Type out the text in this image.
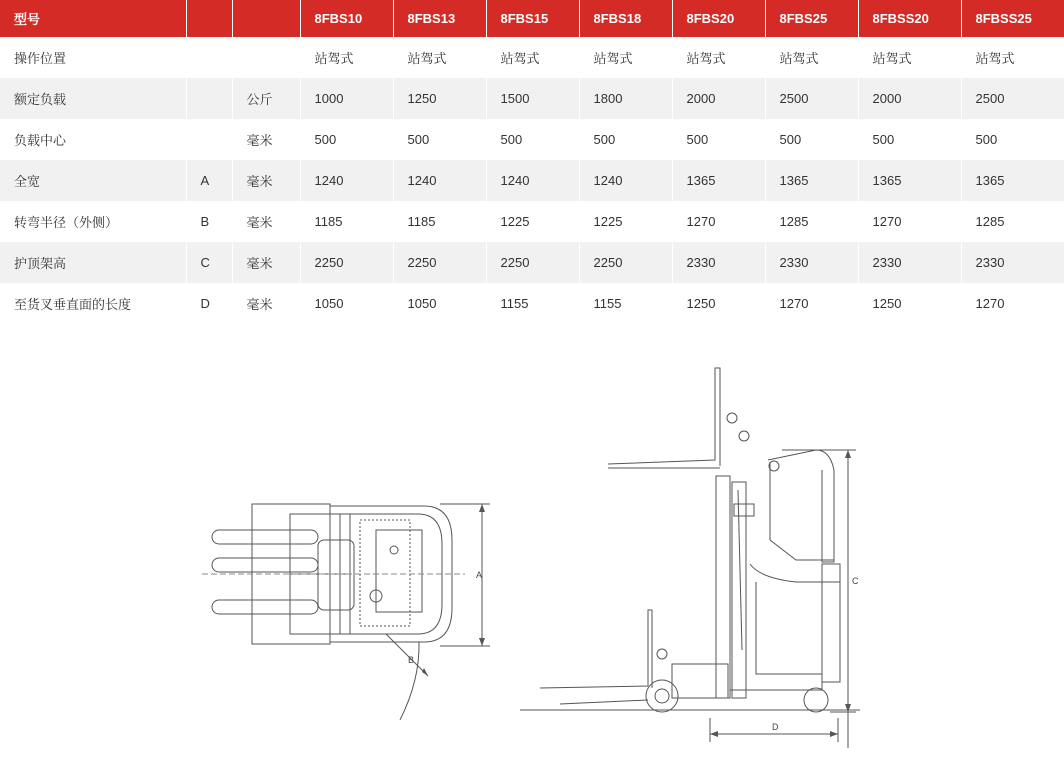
型号			8FBS10	8FBS13	8FBS15	8FBS18	8FBS20	8FBS25	8FBSS20	8FBSS25
操作位置			站驾式	站驾式	站驾式	站驾式	站驾式	站驾式	站驾式	站驾式
额定负载		公斤	1000	1250	1500	1800	2000	2500	2000	2500
负载中心		毫米	500	500	500	500	500	500	500	500
全宽	A	毫米	1240	1240	1240	1240	1365	1365	1365	1365
转弯半径（外侧）	B	毫米	1185	1185	1225	1225	1270	1285	1270	1285
护顶架高	C	毫米	2250	2250	2250	2250	2330	2330	2330	2330
至货叉垂直面的长度	D	毫米	1050	1050	1155	1155	1250	1270	1250	1270
A
B
C
D
